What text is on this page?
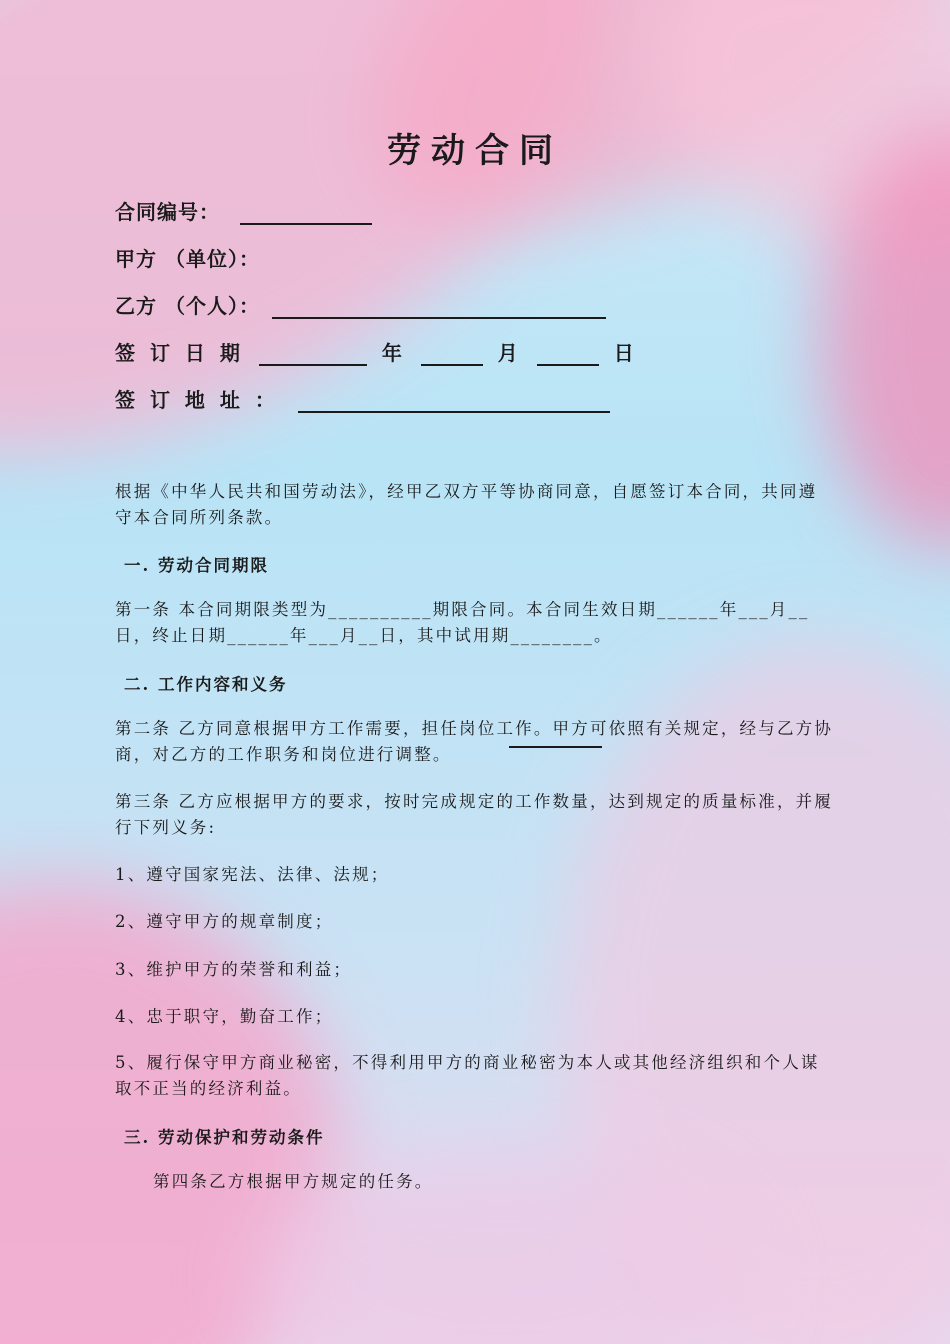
劳动合同
合同编号：
甲方 （单位）：
乙方 （个人）：
签 订 日 期	年	月	日
签 订 地 址 ：
根据《中华人民共和国劳动法》，经甲乙双方平等协商同意，自愿签订本合同，共同遵守本合同所列条款。
一. 劳动合同期限
第一条 本合同期限类型为__________期限合同。本合同生效日期______年___月__日，终止日期______年___月__日，其中试用期________。
二. 工作内容和义务
第二条 乙方同意根据甲方工作需要，担任岗位工作。甲方可依照有关规定，经与乙方协商，对乙方的工作职务和岗位进行调整。
第三条 乙方应根据甲方的要求，按时完成规定的工作数量，达到规定的质量标准，并履行下列义务:
1、遵守国家宪法、法律、法规；
2、遵守甲方的规章制度；
3、维护甲方的荣誉和利益；
4、忠于职守，勤奋工作；
5、履行保守甲方商业秘密，不得利用甲方的商业秘密为本人或其他经济组织和个人谋取不正当的经济利益。
三. 劳动保护和劳动条件
第四条乙方根据甲方规定的任务。
